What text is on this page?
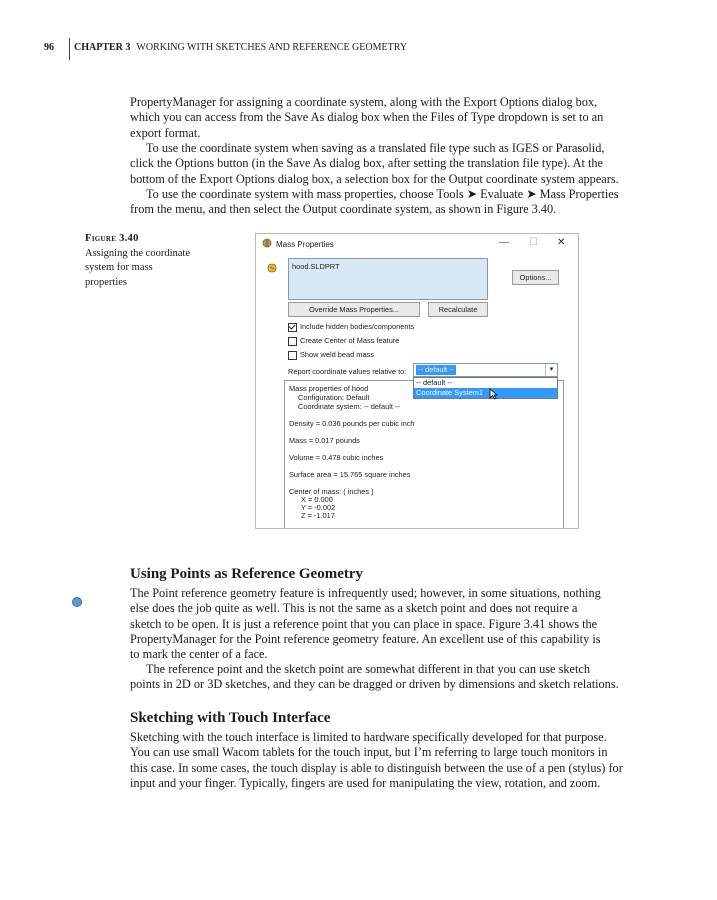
96 CHAPTER 3 WORKING WITH SKETCHES AND REFERENCE GEOMETRY
PropertyManager for assigning a coordinate system, along with the Export Options dialog box,
which you can access from the Save As dialog box when the Files of Type dropdown is set to an
export format.
To use the coordinate system when saving as a translated file type such as IGES or Parasolid,
click the Options button (in the Save As dialog box, after setting the translation file type). At the
bottom of the Export Options dialog box, a selection box for the Output coordinate system appears.
To use the coordinate system with mass properties, choose Tools ➤ Evaluate ➤ Mass Properties
from the menu, and then select the Output coordinate system, as shown in Figure 3.40.
Figure 3.40
Assigning the coordinate
system for mass
properties
Mass Properties	— ☐ ✕
hood.SLDPRT
Options...
Override Mass Properties...	Recalculate
Include hidden bodies/components
Create Center of Mass feature
Show weld bead mass
Report coordinate values relative to: -- default --	▾
-- default --
Coordinate System1
Mass properties of hood
Configuration: Default
Coordinate system: -- default --
Density = 0.036 pounds per cubic inch
Mass = 0.017 pounds
Volume = 0.478 cubic inches
Surface area = 15.765 square inches
Center of mass: ( inches )
X = 0.000
Y = -0.002
Z = -1.017
Using Points as Reference Geometry
The Point reference geometry feature is infrequently used; however, in some situations, nothing
else does the job quite as well. This is not the same as a sketch point and does not require a
sketch to be open. It is just a reference point that you can place in space. Figure 3.41 shows the
PropertyManager for the Point reference geometry feature. An excellent use of this capability is
to mark the center of a face.
The reference point and the sketch point are somewhat different in that you can use sketch
points in 2D or 3D sketches, and they can be dragged or driven by dimensions and sketch relations.
Sketching with Touch Interface
Sketching with the touch interface is limited to hardware specifically developed for that purpose.
You can use small Wacom tablets for the touch input, but I’m referring to large touch monitors in
this case. In some cases, the touch display is able to distinguish between the use of a pen (stylus) for
input and your finger. Typically, fingers are used for manipulating the view, rotation, and zoom.
